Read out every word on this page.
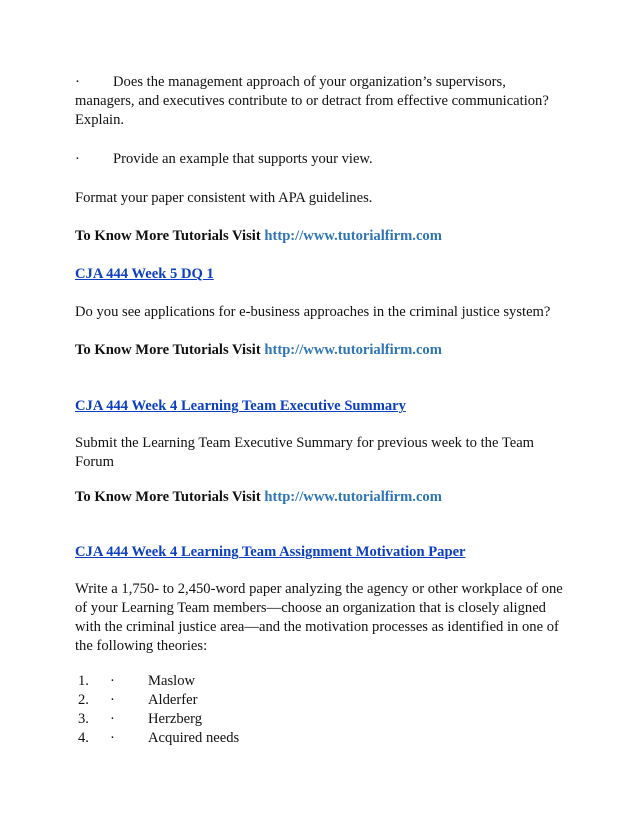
· Does the management approach of your organization’s supervisors,

managers, and executives contribute to or detract from effective communication? Explain.

· Provide an example that supports your view.

Format your paper consistent with APA guidelines.

To Know More Tutorials Visit http://www.tutorialfirm.com

CJA 444 Week 5 DQ 1

Do you see applications for e-business approaches in the criminal justice system?

To Know More Tutorials Visit http://www.tutorialfirm.com

CJA 444 Week 4 Learning Team Executive Summary

Submit the Learning Team Executive Summary for previous week to the Team Forum

To Know More Tutorials Visit http://www.tutorialfirm.com

CJA 444 Week 4 Learning Team Assignment Motivation Paper

Write a 1,750- to 2,450-word paper analyzing the agency or other workplace of one of your Learning Team members—choose an organization that is closely aligned with the criminal justice area—and the motivation processes as identified in one of the following theories:

1. · Maslow
2. · Alderfer
3. · Herzberg
4. · Acquired needs
